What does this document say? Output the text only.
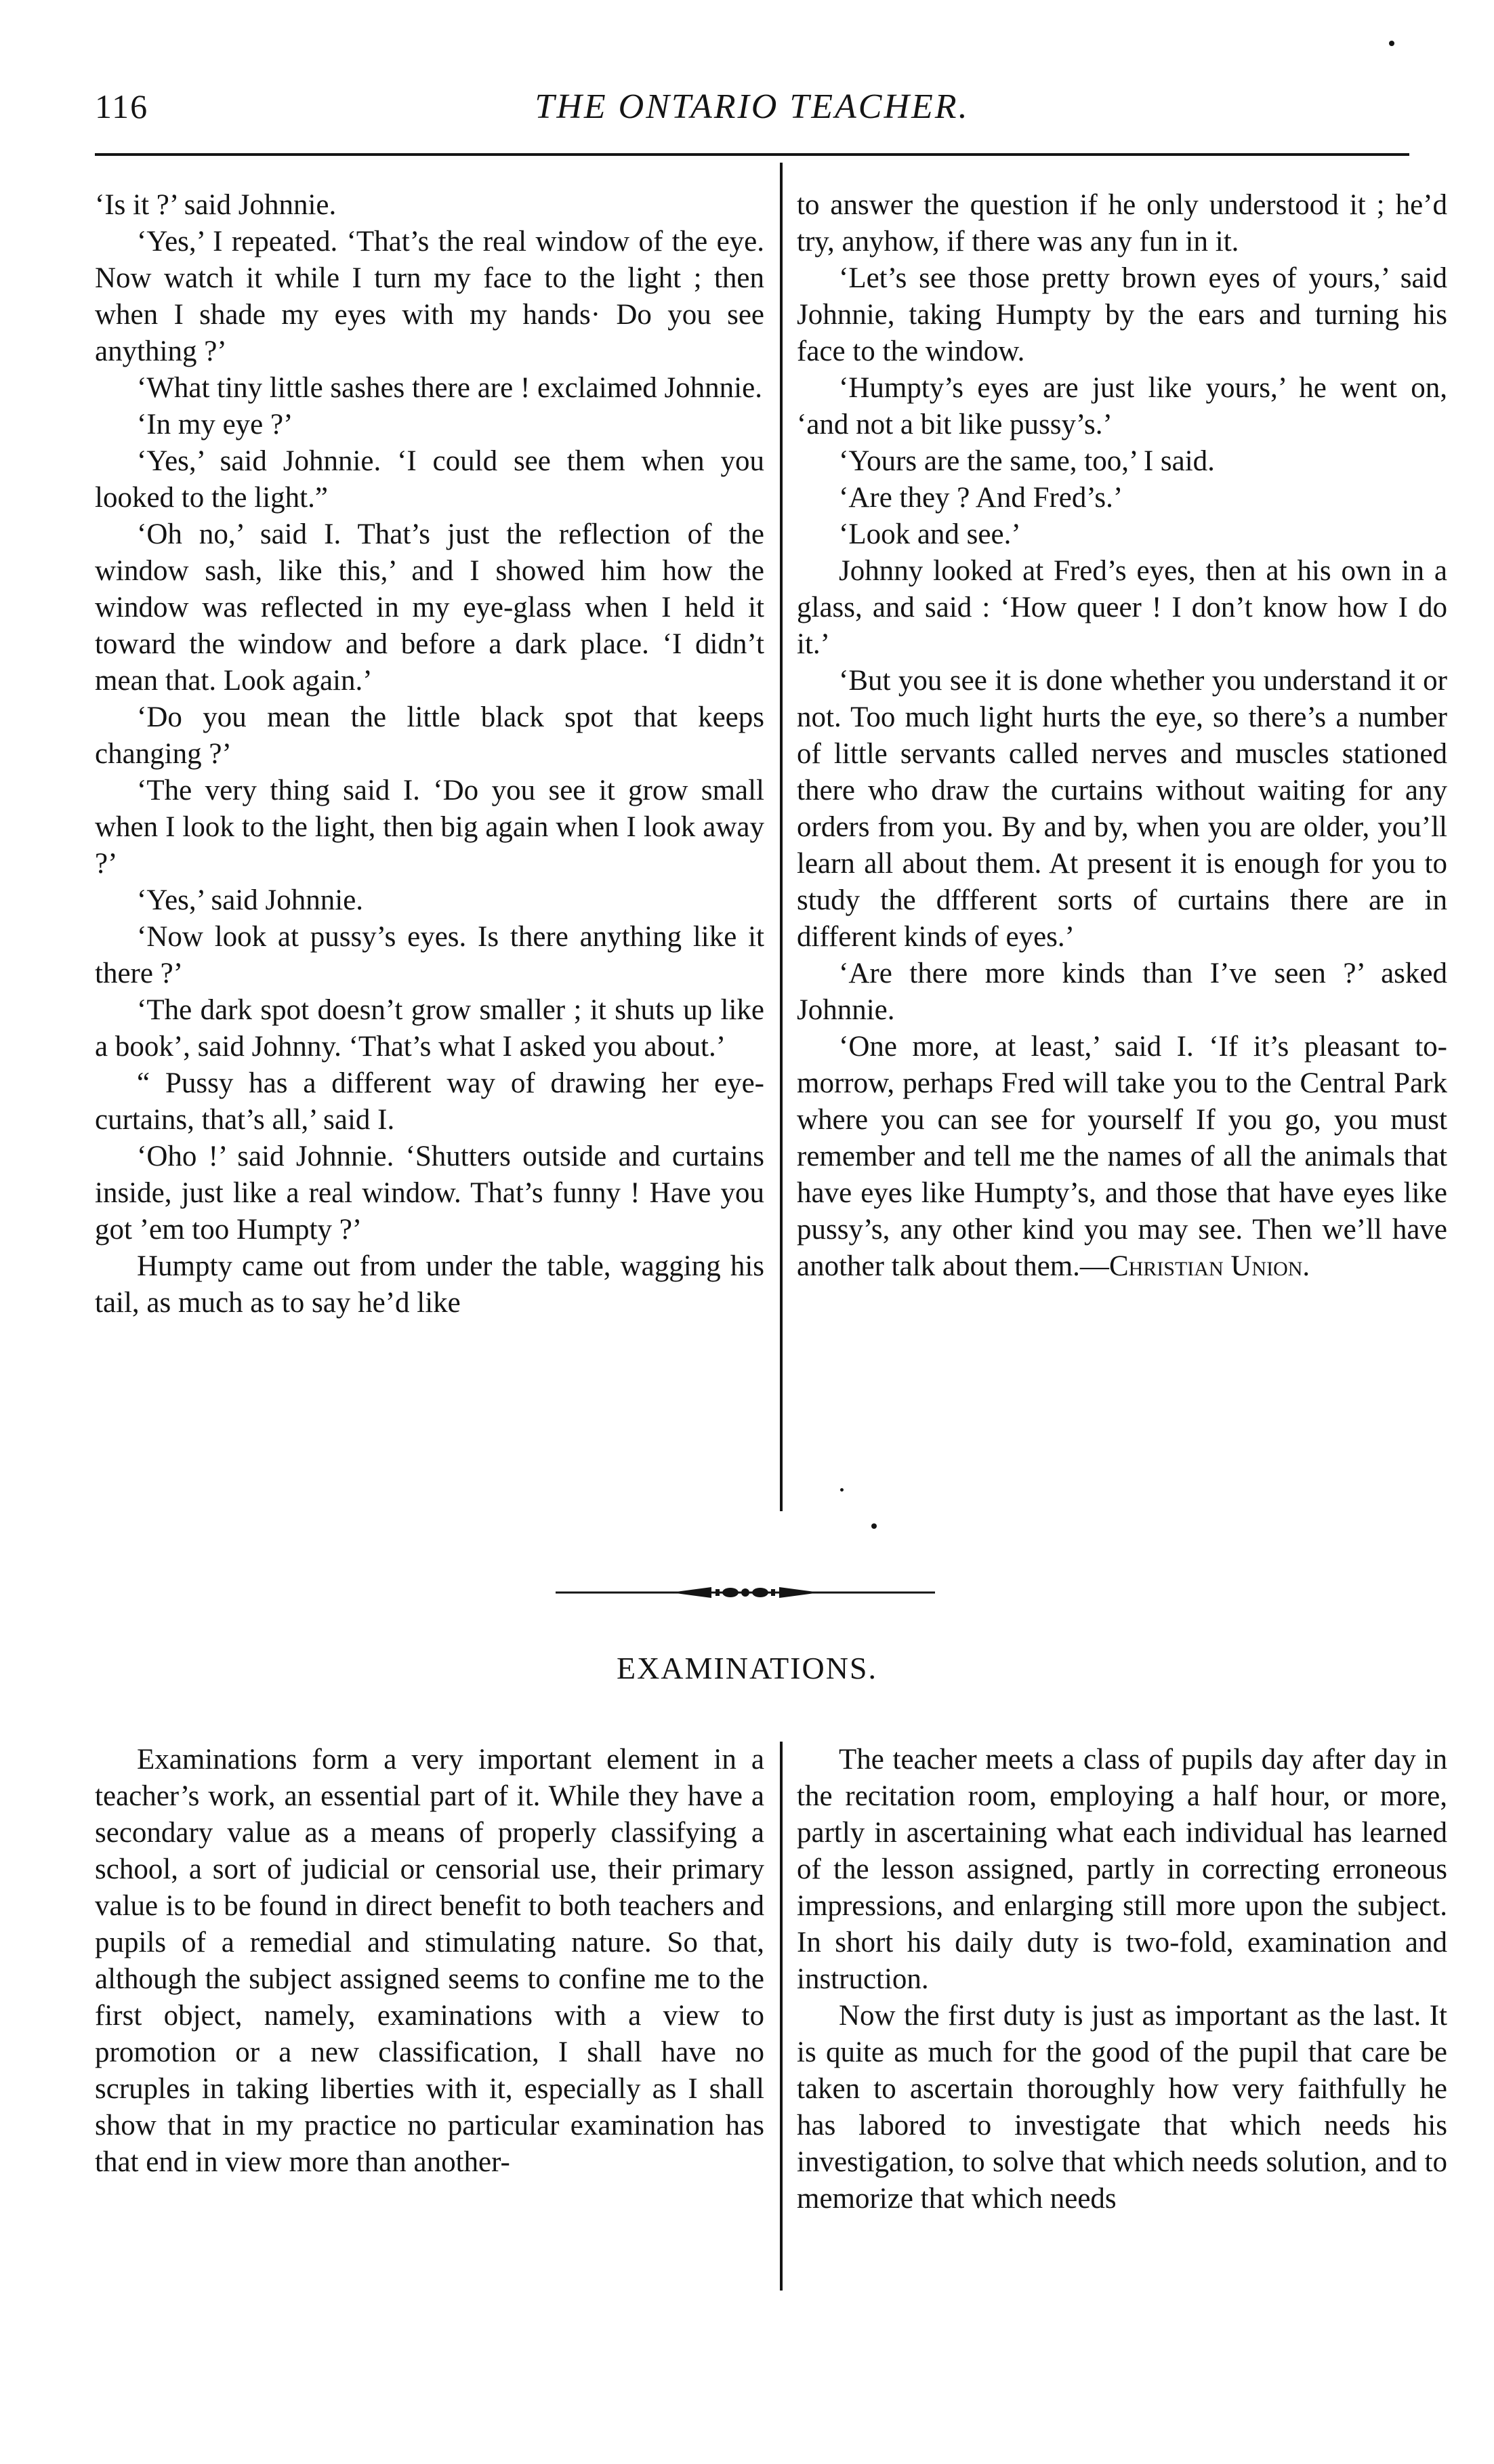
116	THE ONTARIO TEACHER.

‘Is it ?’ said Johnnie.

‘Yes,’ I repeated. ‘That’s the real window of the eye. Now watch it while I turn my face to the light ; then when I shade my eyes with my hands· Do you see anything ?’

‘What tiny little sashes there are ! exclaimed Johnnie.

‘In my eye ?’

‘Yes,’ said Johnnie. ‘I could see them when you looked to the light.”

‘Oh no,’ said I. That’s just the reflection of the window sash, like this,’ and I showed him how the window was reflected in my eye-glass when I held it toward the window and before a dark place. ‘I didn’t mean that. Look again.’

‘Do you mean the little black spot that keeps changing ?’

‘The very thing said I. ‘Do you see it grow small when I look to the light, then big again when I look away ?’

‘Yes,’ said Johnnie.

‘Now look at pussy’s eyes. Is there anything like it there ?’

‘The dark spot doesn’t grow smaller ; it shuts up like a book’, said Johnny. ‘That’s what I asked you about.’

“ Pussy has a different way of drawing her eye-curtains, that’s all,’ said I.

‘Oho !’ said Johnnie. ‘Shutters outside and curtains inside, just like a real window. That’s funny ! Have you got ’em too Humpty ?’

Humpty came out from under the table, wagging his tail, as much as to say he’d like

to answer the question if he only understood it ; he’d try, anyhow, if there was any fun in it.

‘Let’s see those pretty brown eyes of yours,’ said Johnnie, taking Humpty by the ears and turning his face to the window.

‘Humpty’s eyes are just like yours,’ he went on, ‘and not a bit like pussy’s.’

‘Yours are the same, too,’ I said.

‘Are they ? And Fred’s.’

‘Look and see.’

Johnny looked at Fred’s eyes, then at his own in a glass, and said : ‘How queer ! I don’t know how I do it.’

‘But you see it is done whether you understand it or not. Too much light hurts the eye, so there’s a number of little servants called nerves and muscles stationed there who draw the curtains without waiting for any orders from you. By and by, when you are older, you’ll learn all about them. At present it is enough for you to study the dffferent sorts of curtains there are in different kinds of eyes.’

‘Are there more kinds than I’ve seen ?’ asked Johnnie.

‘One more, at least,’ said I. ‘If it’s pleasant to-morrow, perhaps Fred will take you to the Central Park where you can see for yourself If you go, you must remember and tell me the names of all the animals that have eyes like Humpty’s, and those that have eyes like pussy’s, any other kind you may see. Then we’ll have another talk about them.—Christian Union.

EXAMINATIONS.

Examinations form a very important element in a teacher’s work, an essential part of it. While they have a secondary value as a means of properly classifying a school, a sort of judicial or censorial use, their primary value is to be found in direct benefit to both teachers and pupils of a remedial and stimulating nature. So that, although the subject assigned seems to confine me to the first object, namely, examinations with a view to promotion or a new classification, I shall have no scruples in taking liberties with it, especially as I shall show that in my practice no particular examination has that end in view more than another-

The teacher meets a class of pupils day after day in the recitation room, employing a half hour, or more, partly in ascertaining what each individual has learned of the lesson assigned, partly in correcting erroneous impressions, and enlarging still more upon the subject. In short his daily duty is two-fold, examination and instruction.

Now the first duty is just as important as the last. It is quite as much for the good of the pupil that care be taken to ascertain thoroughly how very faithfully he has labored to investigate that which needs his investigation, to solve that which needs solution, and to memorize that which needs
